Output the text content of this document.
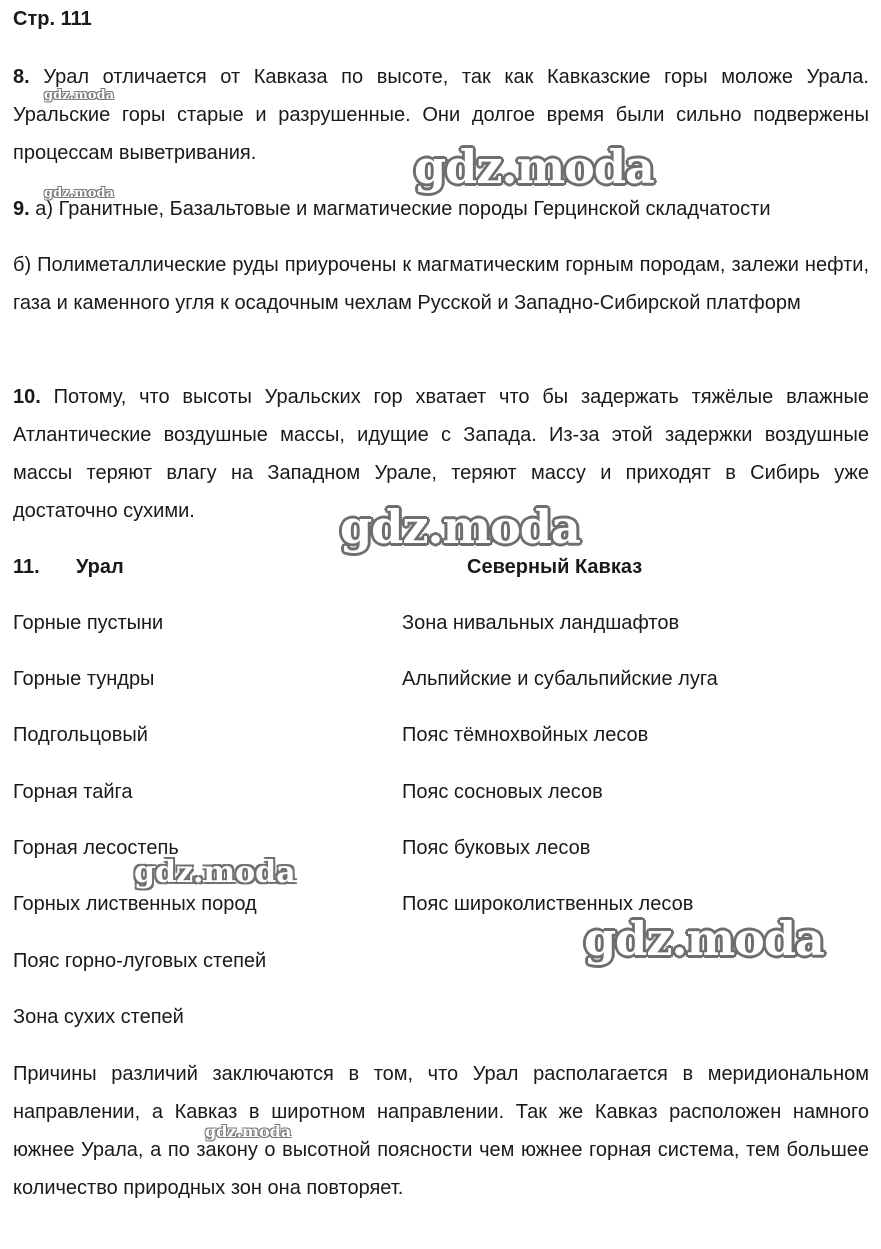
Стр. 111
8. Урал отличается от Кавказа по высоте, так как Кавказские горы моложе Урала. Уральские горы старые и разрушенные. Они долгое время были сильно подвержены процессам выветривания.
9. а) Гранитные, Базальтовые и магматические породы Герцинской складчатости
б) Полиметаллические руды приурочены к магматическим горным породам, залежи нефти, газа и каменного угля к осадочным чехлам Русской и Западно-Сибирской платформ
10. Потому, что высоты Уральских гор хватает что бы задержать тяжёлые влажные Атлантические воздушные массы, идущие с Запада. Из-за этой задержки воздушные массы теряют влагу на Западном Урале, теряют массу и приходят в Сибирь уже достаточно сухими.
11. Урал	Северный Кавказ
Горные пустыни	Зона нивальных ландшафтов
Горные тундры	Альпийские и субальпийские луга
Подгольцовый	Пояс тёмнохвойных лесов
Горная тайга	Пояс сосновых лесов
Горная лесостепь	Пояс буковых лесов
Горных лиственных пород	Пояс широколиственных лесов
Пояс горно-луговых степей
Зона сухих степей
Причины различий заключаются в том, что Урал располагается в меридиональном направлении, а Кавказ в широтном направлении. Так же Кавказ расположен намного южнее Урала, а по закону о высотной поясности чем южнее горная система, тем большее количество природных зон она повторяет.
gdz.moda
gdz.moda	gdz.moda
gdz.moda
gdz.moda
gdz.moda
gdz.moda
